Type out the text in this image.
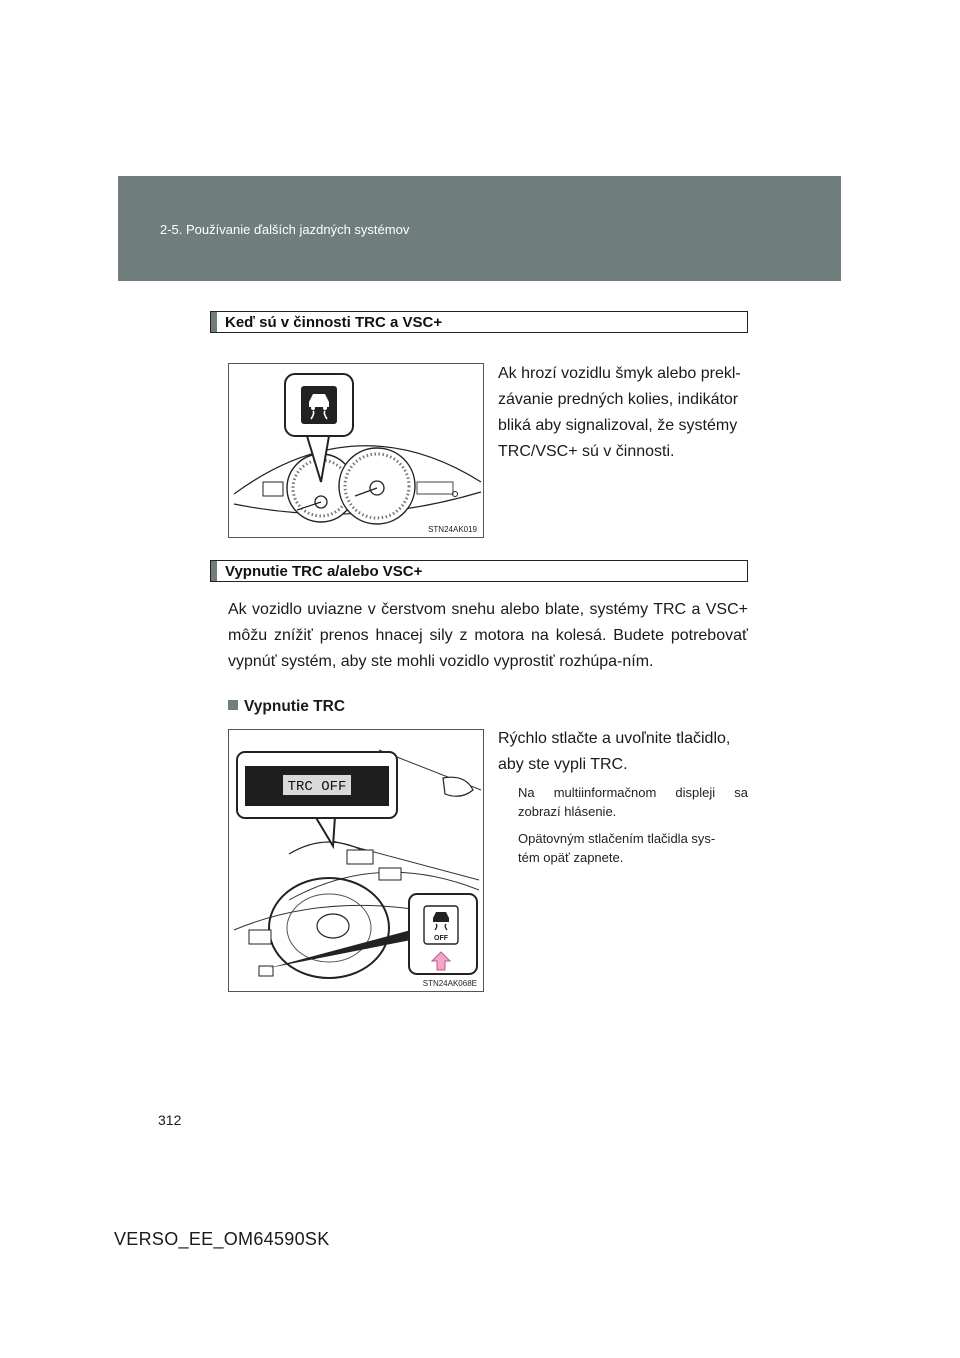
2-5. Používanie ďalších jazdných systémov
Keď sú v činnosti TRC a VSC+
STN24AK019
Ak hrozí vozidlu šmyk alebo prekl-
závanie predných kolies, indikátor
bliká aby signalizoval, že systémy
TRC/VSC+ sú v činnosti.
Vypnutie TRC a/alebo VSC+
Ak vozidlo uviazne v čerstvom snehu alebo blate, systémy TRC a VSC+ môžu znížiť prenos hnacej sily z motora na kolesá. Budete potrebovať vypnúť systém, aby ste mohli vozidlo vyprostiť rozhúpa-ním.
Vypnutie TRC
TRC OFF
OFF
STN24AK068E
Rýchlo stlačte a uvoľnite tlačidlo,
aby ste vypli TRC.
Na multiinformačnom displeji sa
zobrazí hlásenie.
Opätovným stlačením tlačidla sys-
tém opäť zapnete.
312
VERSO_EE_OM64590SK
